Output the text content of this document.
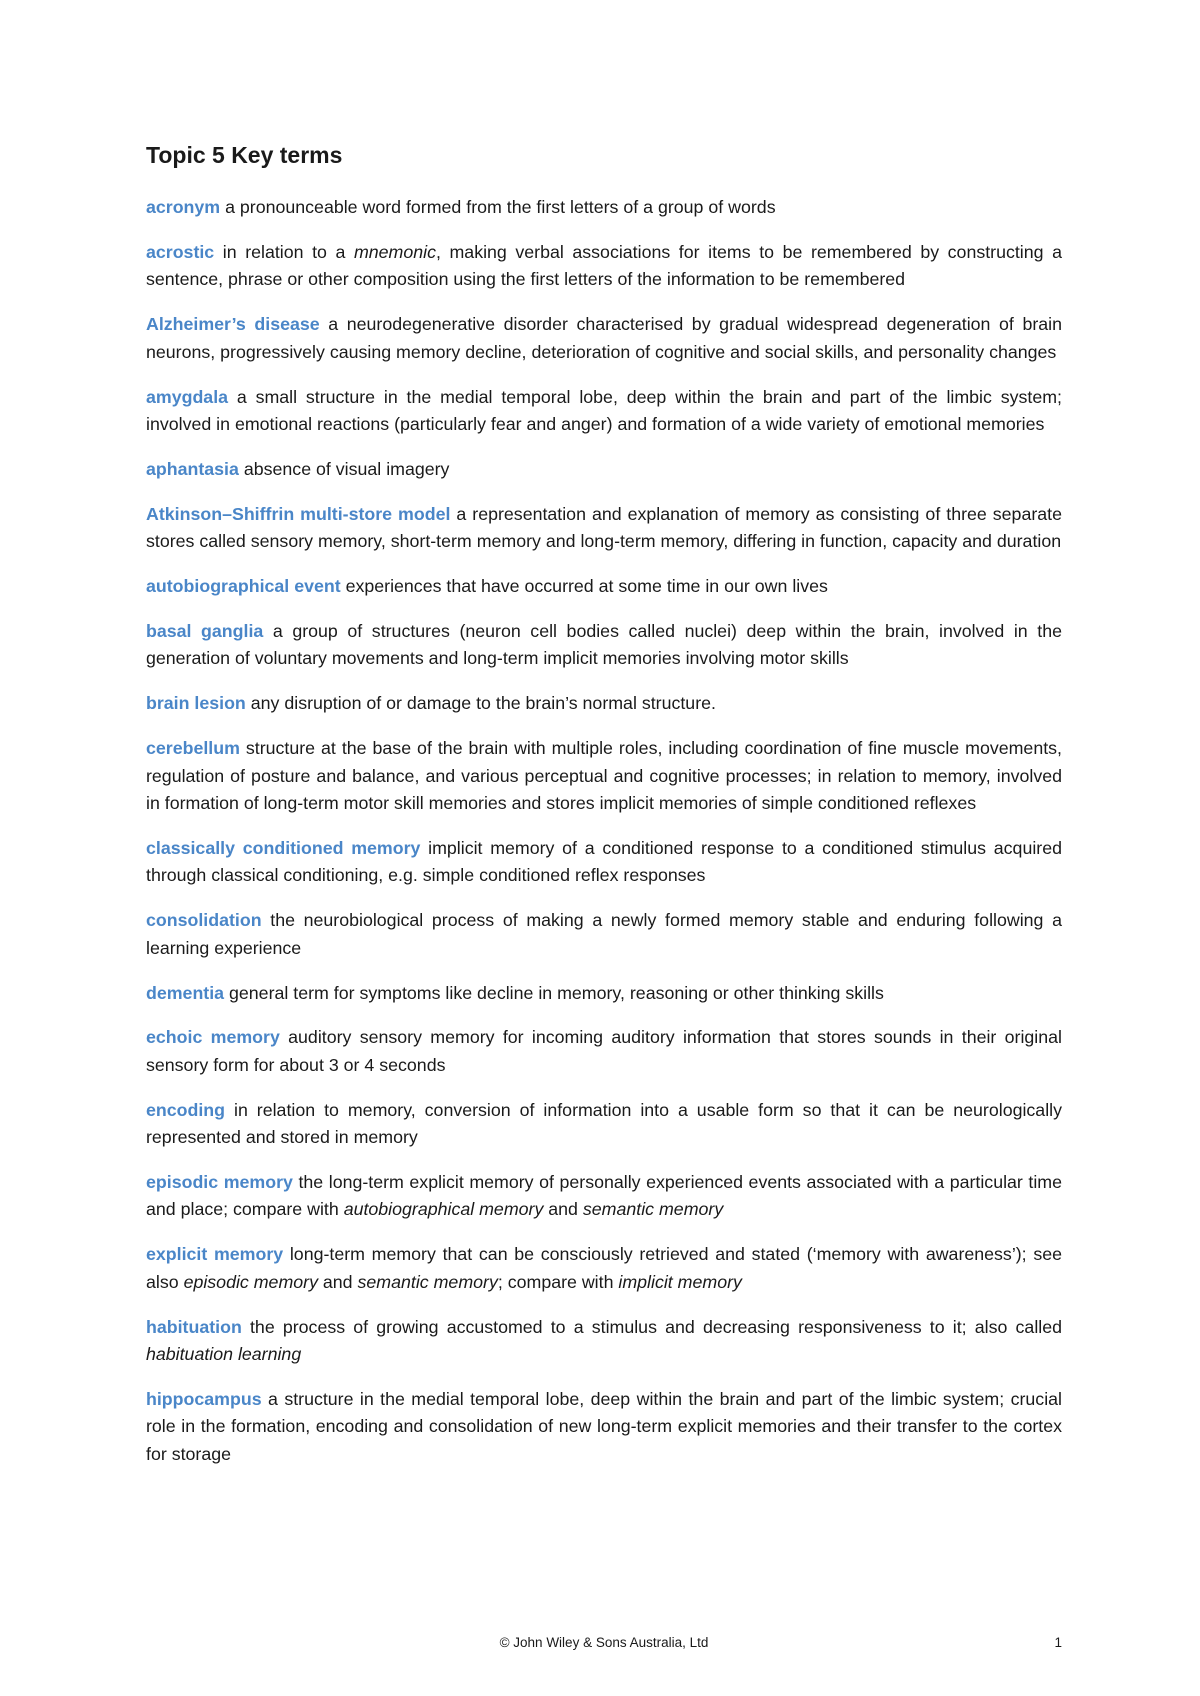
Topic 5 Key terms

acronym a pronounceable word formed from the first letters of a group of words

acrostic in relation to a mnemonic, making verbal associations for items to be remembered by constructing a sentence, phrase or other composition using the first letters of the information to be remembered

Alzheimer’s disease a neurodegenerative disorder characterised by gradual widespread degeneration of brain neurons, progressively causing memory decline, deterioration of cognitive and social skills, and personality changes

amygdala a small structure in the medial temporal lobe, deep within the brain and part of the limbic system; involved in emotional reactions (particularly fear and anger) and formation of a wide variety of emotional memories

aphantasia absence of visual imagery

Atkinson–Shiffrin multi-store model a representation and explanation of memory as consisting of three separate stores called sensory memory, short-term memory and long-term memory, differing in function, capacity and duration

autobiographical event experiences that have occurred at some time in our own lives

basal ganglia a group of structures (neuron cell bodies called nuclei) deep within the brain, involved in the generation of voluntary movements and long-term implicit memories involving motor skills

brain lesion any disruption of or damage to the brain’s normal structure.

cerebellum structure at the base of the brain with multiple roles, including coordination of fine muscle movements, regulation of posture and balance, and various perceptual and cognitive processes; in relation to memory, involved in formation of long-term motor skill memories and stores implicit memories of simple conditioned reflexes

classically conditioned memory implicit memory of a conditioned response to a conditioned stimulus acquired through classical conditioning, e.g. simple conditioned reflex responses

consolidation the neurobiological process of making a newly formed memory stable and enduring following a learning experience

dementia general term for symptoms like decline in memory, reasoning or other thinking skills

echoic memory auditory sensory memory for incoming auditory information that stores sounds in their original sensory form for about 3 or 4 seconds

encoding in relation to memory, conversion of information into a usable form so that it can be neurologically represented and stored in memory

episodic memory the long-term explicit memory of personally experienced events associated with a particular time and place; compare with autobiographical memory and semantic memory

explicit memory long-term memory that can be consciously retrieved and stated (‘memory with awareness’); see also episodic memory and semantic memory; compare with implicit memory

habituation the process of growing accustomed to a stimulus and decreasing responsiveness to it; also called habituation learning

hippocampus a structure in the medial temporal lobe, deep within the brain and part of the limbic system; crucial role in the formation, encoding and consolidation of new long-term explicit memories and their transfer to the cortex for storage

© John Wiley & Sons Australia, Ltd	1
